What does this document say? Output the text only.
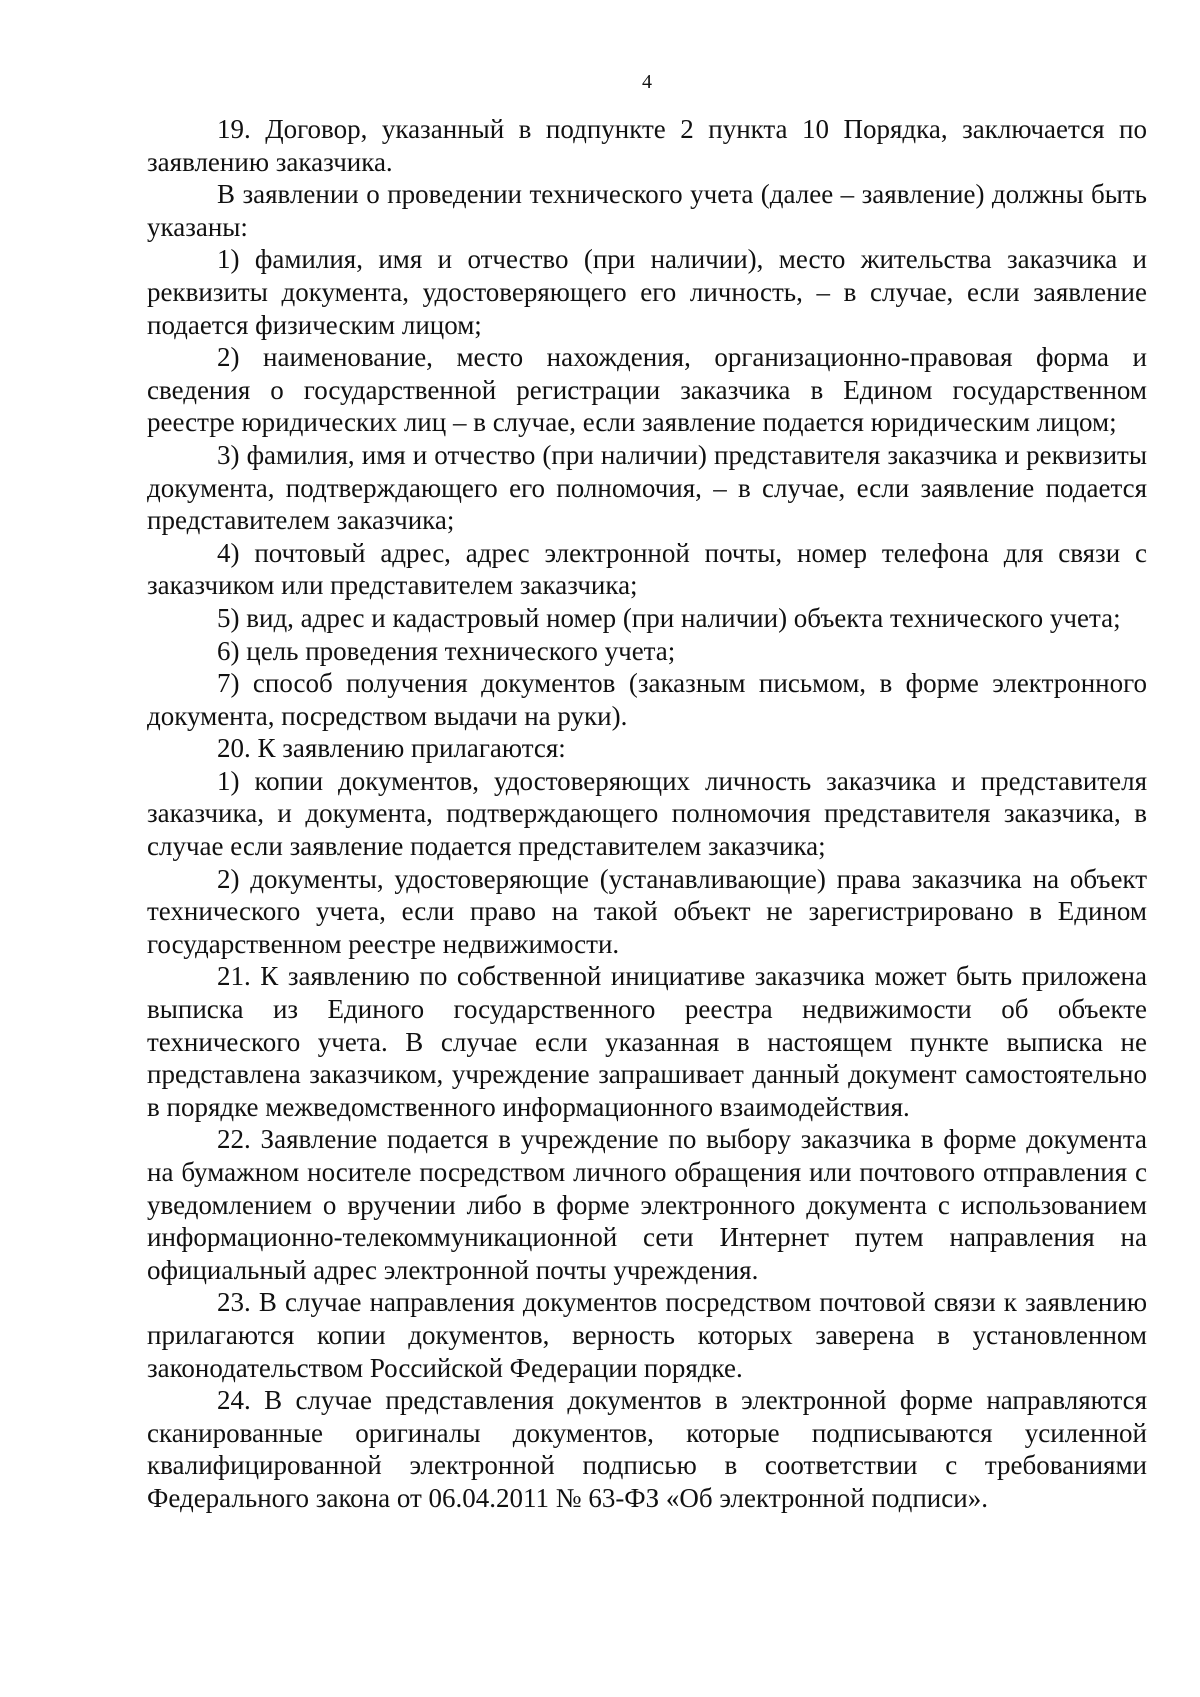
4

19. Договор, указанный в подпункте 2 пункта 10 Порядка, заключается по заявлению заказчика.

В заявлении о проведении технического учета (далее – заявление) должны быть указаны:

1) фамилия, имя и отчество (при наличии), место жительства заказчика и реквизиты документа, удостоверяющего его личность, – в случае, если заявление подается физическим лицом;

2) наименование, место нахождения, организационно-правовая форма и сведения о государственной регистрации заказчика в Едином государственном реестре юридических лиц – в случае, если заявление подается юридическим лицом;

3) фамилия, имя и отчество (при наличии) представителя заказчика и реквизиты документа, подтверждающего его полномочия, – в случае, если заявление подается представителем заказчика;

4) почтовый адрес, адрес электронной почты, номер телефона для связи с заказчиком или представителем заказчика;

5) вид, адрес и кадастровый номер (при наличии) объекта технического учета;

6) цель проведения технического учета;

7) способ получения документов (заказным письмом, в форме электронного документа, посредством выдачи на руки).

20. К заявлению прилагаются:

1) копии документов, удостоверяющих личность заказчика и представителя заказчика, и документа, подтверждающего полномочия представителя заказчика, в случае если заявление подается представителем заказчика;

2) документы, удостоверяющие (устанавливающие) права заказчика на объект технического учета, если право на такой объект не зарегистрировано в Едином государственном реестре недвижимости.

21. К заявлению по собственной инициативе заказчика может быть приложена выписка из Единого государственного реестра недвижимости об объекте технического учета. В случае если указанная в настоящем пункте выписка не представлена заказчиком, учреждение запрашивает данный документ самостоятельно в порядке межведомственного информационного взаимодействия.

22. Заявление подается в учреждение по выбору заказчика в форме документа на бумажном носителе посредством личного обращения или почтового отправления с уведомлением о вручении либо в форме электронного документа с использованием информационно-телекоммуникационной сети Интернет путем направления на официальный адрес электронной почты учреждения.

23. В случае направления документов посредством почтовой связи к заявлению прилагаются копии документов, верность которых заверена в установленном законодательством Российской Федерации порядке.

24. В случае представления документов в электронной форме направляются сканированные оригиналы документов, которые подписываются усиленной квалифицированной электронной подписью в соответствии с требованиями Федерального закона от 06.04.2011 № 63-ФЗ «Об электронной подписи».
